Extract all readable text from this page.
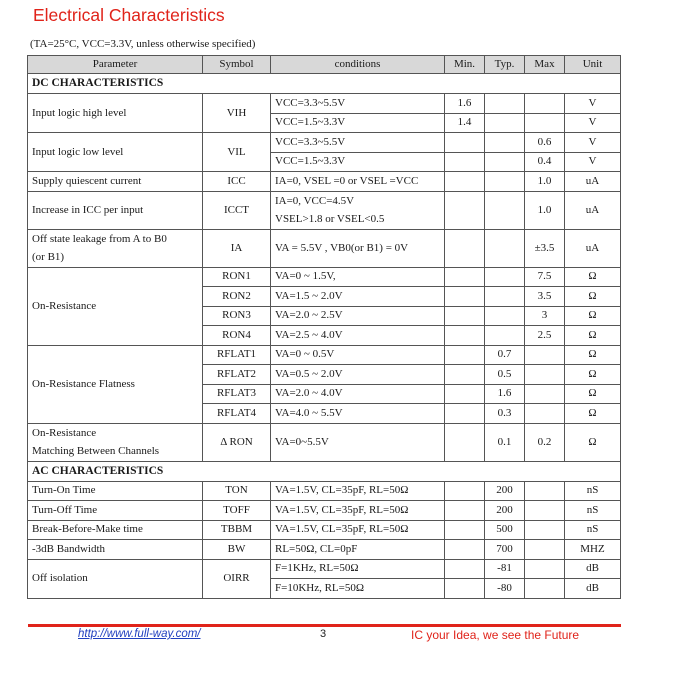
Electrical Characteristics
(TA=25°C, VCC=3.3V, unless otherwise specified)
Parameter	Symbol	conditions	Min.	Typ.	Max	Unit
DC CHARACTERISTICS						
Input logic high level	VIH	VCC=3.3~5.5V	1.6			V
		VCC=1.5~3.3V	1.4			V
Input logic low level	VIL	VCC=3.3~5.5V			0.6	V
		VCC=1.5~3.3V			0.4	V
Supply quiescent current	ICC	IA=0, VSEL =0 or VSEL =VCC			1.0	uA
Increase in ICC per input	ICCT	IA=0, VCC=4.5V
VSEL>1.8 or VSEL<0.5			1.0	uA

Off state leakage from A to B0
(or B1)	IA	VA = 5.5V , VB0(or B1) = 0V			±3.5	uA
On-Resistance	RON1	VA=0 ~ 1.5V,			7.5	Ω
	RON2	VA=1.5 ~ 2.0V			3.5	Ω
	RON3	VA=2.0 ~ 2.5V			3	Ω
	RON4	VA=2.5 ~ 4.0V			2.5	Ω
On-Resistance Flatness	RFLAT1	VA=0 ~ 0.5V		0.7		Ω
	RFLAT2	VA=0.5 ~ 2.0V		0.5		Ω
	RFLAT3	VA=2.0 ~ 4.0V		1.6		Ω
	RFLAT4	VA=4.0 ~ 5.5V		0.3		Ω

On-Resistance
Matching Between Channels	Δ RON	VA=0~5.5V		0.1	0.2	Ω
AC CHARACTERISTICS						
Turn-On Time	TON	VA=1.5V, CL=35pF, RL=50Ω		200		nS
Turn-Off Time	TOFF	VA=1.5V, CL=35pF, RL=50Ω		200		nS
Break-Before-Make time	TBBM	VA=1.5V, CL=35pF, RL=50Ω		500		nS
-3dB Bandwidth	BW	RL=50Ω, CL=0pF		700		MHZ
Off isolation	OIRR	F=1KHz, RL=50Ω		-81		dB
		F=10KHz, RL=50Ω		-80		dB
http://www.full-way.com/	3	IC your Idea, we see the Future
